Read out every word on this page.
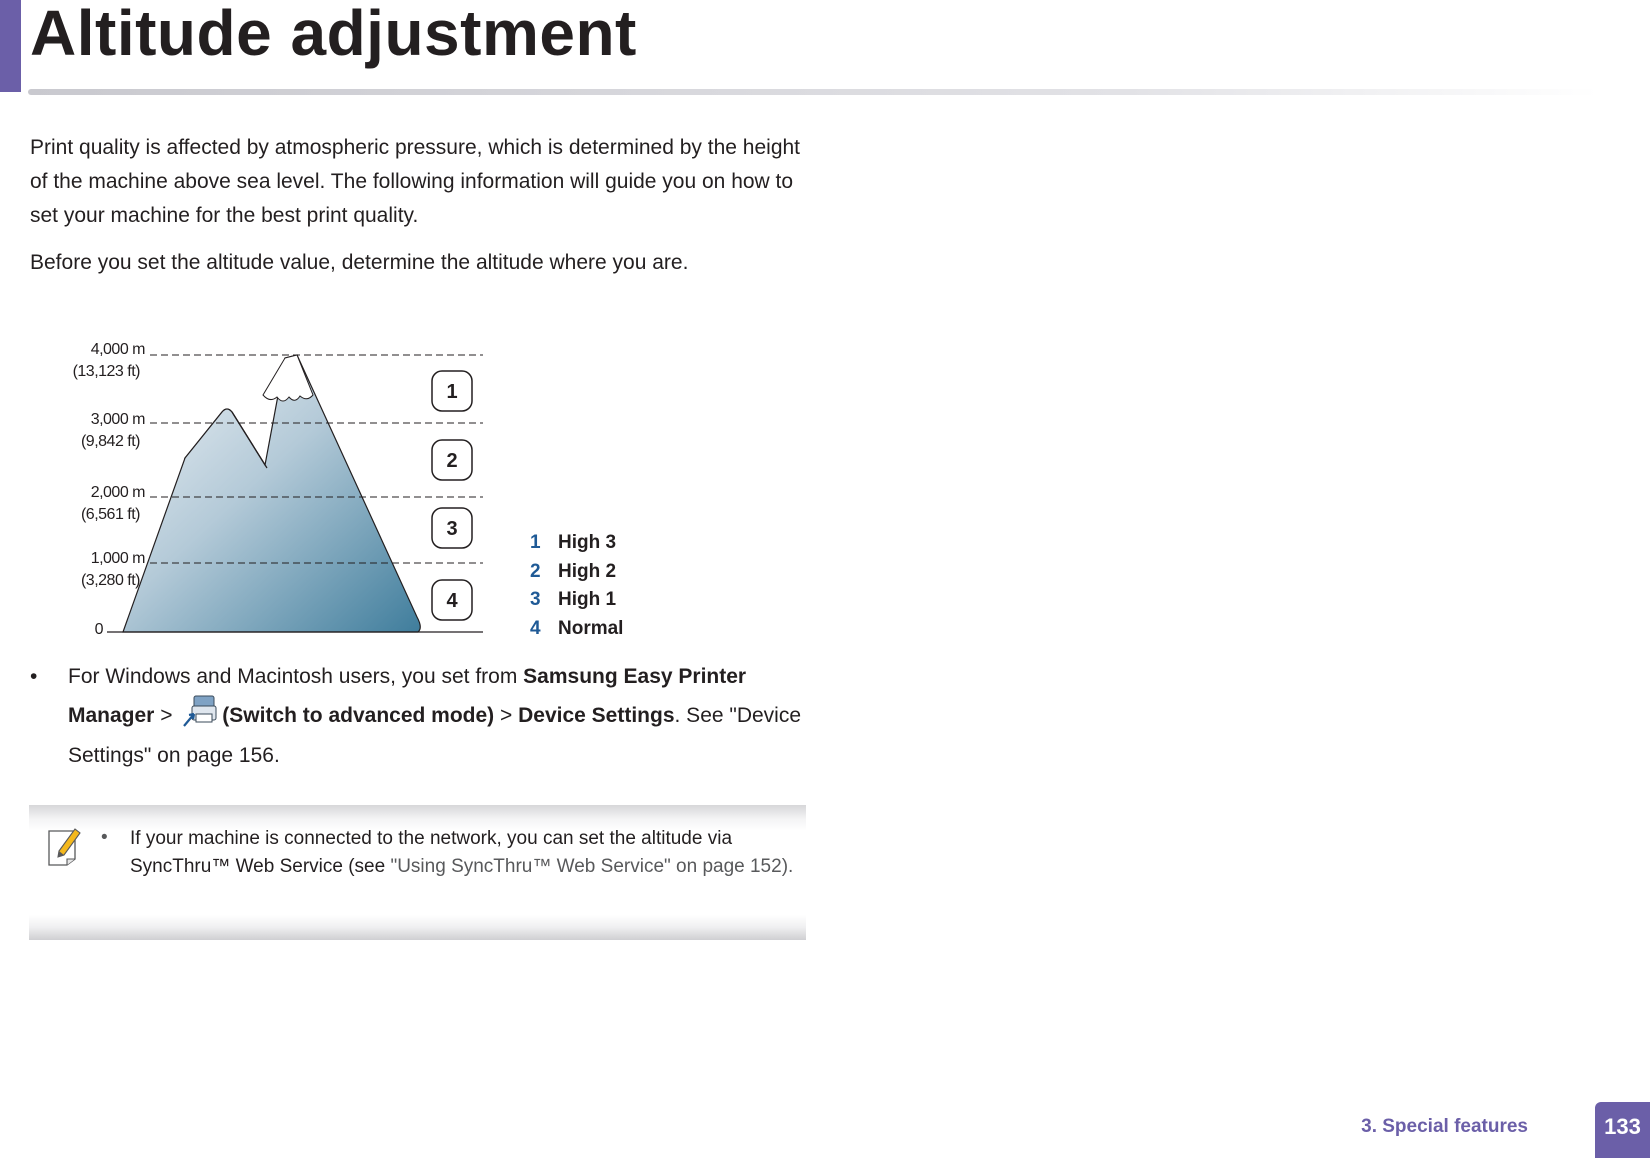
Altitude adjustment

Print quality is affected by atmospheric pressure, which is determined by the height of the machine above sea level. The following information will guide you on how to set your machine for the best print quality.

Before you set the altitude value, determine the altitude where you are.

4,000 m
(13,123 ft)
3,000 m
(9,842 ft)
2,000 m
(6,561 ft)
1,000 m
(3,280 ft)
0
1
2
3
4
1 High 3
2 High 2
3 High 1
4 Normal
•	For Windows and Macintosh users, you set from Samsung Easy Printer Manager > (Switch to advanced mode) > Device Settings. See "Device Settings" on page 156.
• If your machine is connected to the network, you can set the altitude via SyncThru™ Web Service (see "Using SyncThru™ Web Service" on page 152).
3. Special features	133
